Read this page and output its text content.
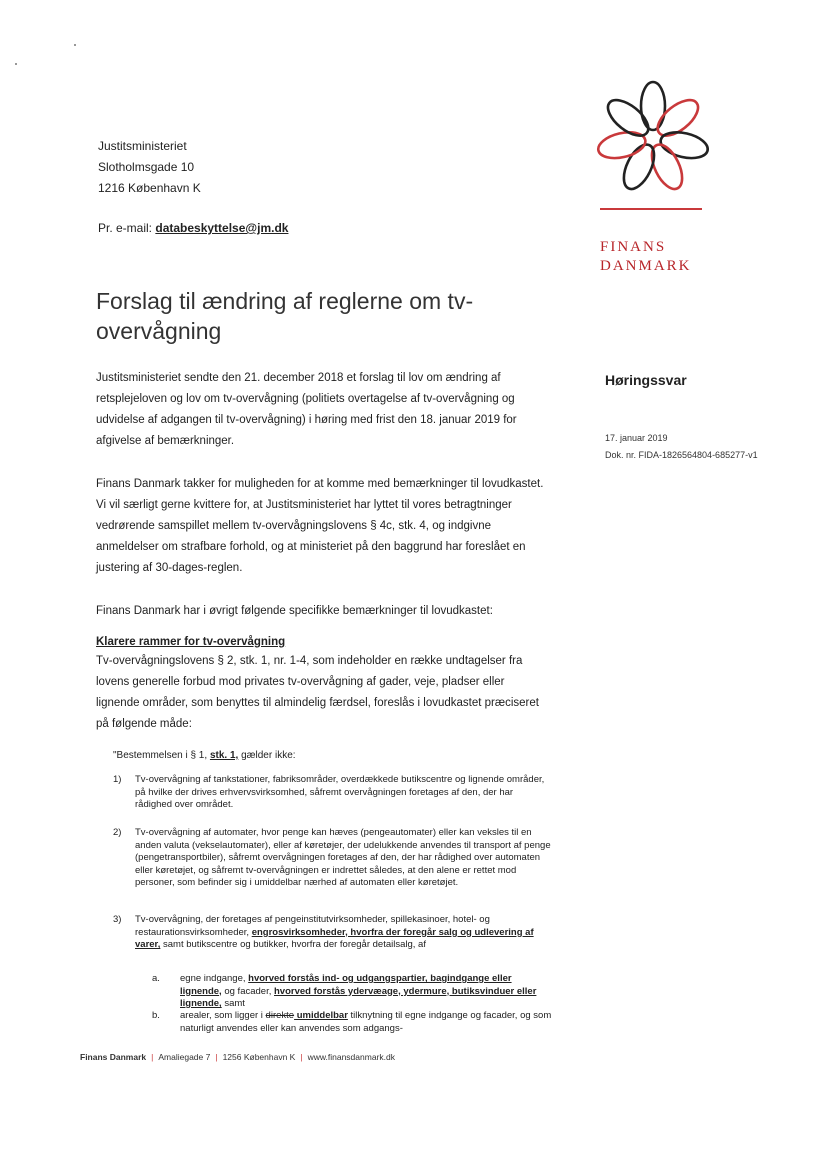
Justitsministeriet
Slotholmsgade 10
1216 København K
Pr. e-mail: databeskyttelse@jm.dk
FINANS
DANMARK
Forslag til ændring af reglerne om tv-overvågning
Høringssvar
17. januar 2019
Dok. nr. FIDA-1826564804-685277-v1

Justitsministeriet sendte den 21. december 2018 et forslag til lov om ændring af retsplejeloven og lov om tv-overvågning (politiets overtagelse af tv-overvågning og udvidelse af adgangen til tv-overvågning) i høring med frist den 18. januar 2019 for afgivelse af bemærkninger.

Finans Danmark takker for muligheden for at komme med bemærkninger til lovudkastet. Vi vil særligt gerne kvittere for, at Justitsministeriet har lyttet til vores betragtninger vedrørende samspillet mellem tv-overvågningslovens § 4c, stk. 4, og indgivne anmeldelser om strafbare forhold, og at ministeriet på den baggrund har foreslået en justering af 30-dages-reglen.

Finans Danmark har i øvrigt følgende specifikke bemærkninger til lovudkastet:

Klarere rammer for tv-overvågning

Tv-overvågningslovens § 2, stk. 1, nr. 1-4, som indeholder en række undtagelser fra lovens generelle forbud mod privates tv-overvågning af gader, veje, pladser eller lignende områder, som benyttes til almindelig færdsel, foreslås i lovudkastet præciseret på følgende måde:

"Bestemmelsen i § 1, stk. 1, gælder ikke:
1) Tv-overvågning af tankstationer, fabriksområder, overdækkede butikscentre og lignende områder, på hvilke der drives erhvervsvirksomhed, såfremt overvågningen foretages af den, der har rådighed over området.
2) Tv-overvågning af automater, hvor penge kan hæves (pengeautomater) eller kan veksles til en anden valuta (vekselautomater), eller af køretøjer, der udelukkende anvendes til transport af penge (pengetransportbiler), såfremt overvågningen foretages af den, der har rådighed over automaten eller køretøjet, og såfremt tv-overvågningen er indrettet således, at den alene er rettet mod personer, som befinder sig i umiddelbar nærhed af automaten eller køretøjet.
3) Tv-overvågning, der foretages af pengeinstitutvirksomheder, spillekasinoer, hotel- og restaurationsvirksomheder, engrosvirksomheder, hvorfra der foregår salg og udlevering af varer, samt butikscentre og butikker, hvorfra der foregår detailsalg, af
a. egne indgange, hvorved forstås ind- og udgangspartier, bagindgange eller lignende, og facader, hvorved forstås ydervæage, ydermure, butiksvinduer eller lignende, samt
b. arealer, som ligger i direkte umiddelbar tilknytning til egne indgange og facader, og som naturligt anvendes eller kan anvendes som adgangs-
Finans Danmark | Amaliegade 7 | 1256 København K | www.finansdanmark.dk
